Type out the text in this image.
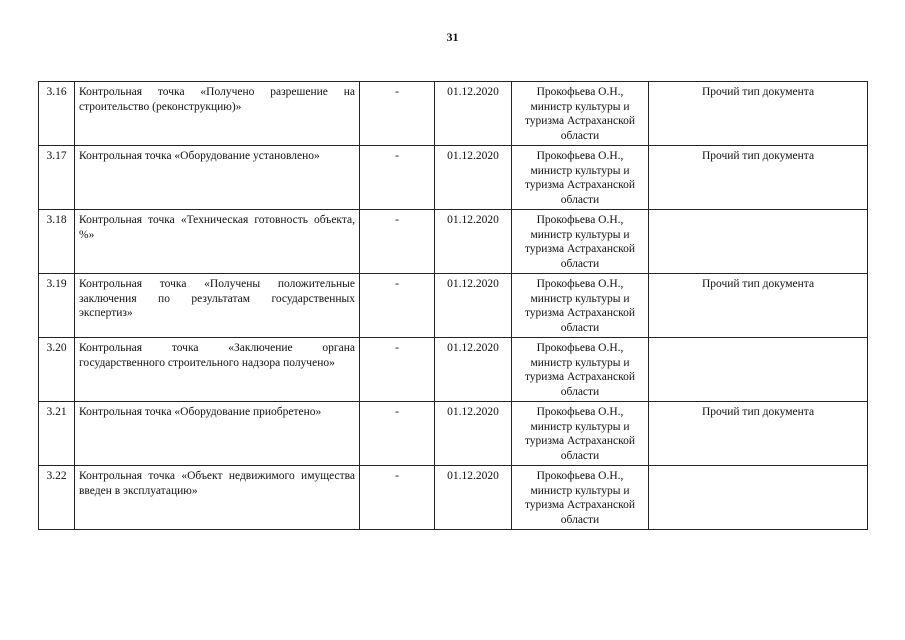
31
3.16	Контрольная точка «Получено разрешение на строительство (реконструкцию)»	-	01.12.2020	Прокофьева О.Н., министр культуры и туризма Астраханской области	Прочий тип документа
3.17	Контрольная точка «Оборудование установлено»	-	01.12.2020	Прокофьева О.Н., министр культуры и туризма Астраханской области	Прочий тип документа
3.18	Контрольная точка «Техническая готовность объекта, %»	-	01.12.2020	Прокофьева О.Н., министр культуры и туризма Астраханской области	
3.19	Контрольная точка «Получены положительные заключения по результатам государственных экспертиз»	-	01.12.2020	Прокофьева О.Н., министр культуры и туризма Астраханской области	Прочий тип документа
3.20	Контрольная точка «Заключение органа государственного строительного надзора получено»	-	01.12.2020	Прокофьева О.Н., министр культуры и туризма Астраханской области	
3.21	Контрольная точка «Оборудование приобретено»	-	01.12.2020	Прокофьева О.Н., министр культуры и туризма Астраханской области	Прочий тип документа
3.22	Контрольная точка «Объект недвижимого имущества введен в эксплуатацию»	-	01.12.2020	Прокофьева О.Н., министр культуры и туризма Астраханской области	
